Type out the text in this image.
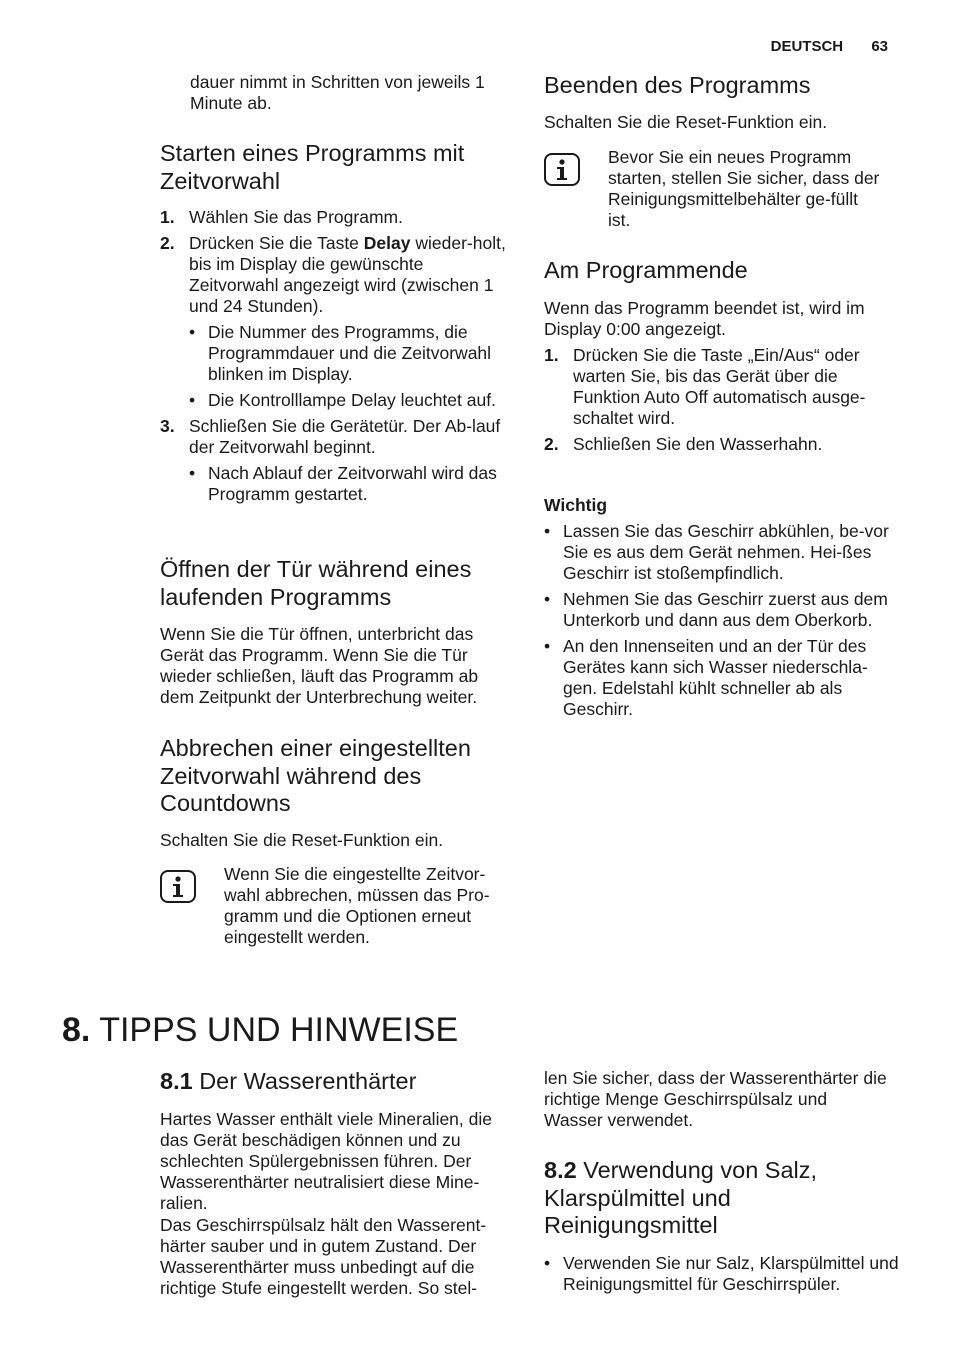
DEUTSCH 63
dauer nimmt in Schritten von jeweils 1 Minute ab.
Starten eines Programms mit Zeitvorwahl
1. Wählen Sie das Programm.
2. Drücken Sie die Taste Delay wieder-holt, bis im Display die gewünschte Zeitvorwahl angezeigt wird (zwischen 1 und 24 Stunden).
• Die Nummer des Programms, die Programmdauer und die Zeitvorwahl blinken im Display.
• Die Kontrolllampe Delay leuchtet auf.
3. Schließen Sie die Gerätetür. Der Ab-lauf der Zeitvorwahl beginnt.
• Nach Ablauf der Zeitvorwahl wird das Programm gestartet.
Öffnen der Tür während eines laufenden Programms
Wenn Sie die Tür öffnen, unterbricht das Gerät das Programm. Wenn Sie die Tür wieder schließen, läuft das Programm ab dem Zeitpunkt der Unterbrechung weiter.
Abbrechen einer eingestellten Zeitvorwahl während des Countdowns
Schalten Sie die Reset-Funktion ein.
Wenn Sie die eingestellte Zeitvor-wahl abbrechen, müssen das Pro-gramm und die Optionen erneut eingestellt werden.
Beenden des Programms
Schalten Sie die Reset-Funktion ein.
Bevor Sie ein neues Programm starten, stellen Sie sicher, dass der Reinigungsmittelbehälter ge-füllt ist.
Am Programmende
Wenn das Programm beendet ist, wird im Display 0:00 angezeigt.
1. Drücken Sie die Taste „Ein/Aus“ oder warten Sie, bis das Gerät über die Funktion Auto Off automatisch ausge-schaltet wird.
2. Schließen Sie den Wasserhahn.
Wichtig
• Lassen Sie das Geschirr abkühlen, be-vor Sie es aus dem Gerät nehmen. Hei-ßes Geschirr ist stoßempfindlich.
• Nehmen Sie das Geschirr zuerst aus dem Unterkorb und dann aus dem Oberkorb.
• An den Innenseiten und an der Tür des Gerätes kann sich Wasser niederschla-gen. Edelstahl kühlt schneller ab als Geschirr.
8. TIPPS UND HINWEISE
8.1 Der Wasserenthärter
Hartes Wasser enthält viele Mineralien, die das Gerät beschädigen können und zu schlechten Spülergebnissen führen. Der Wasserenthärter neutralisiert diese Mine-ralien.
Das Geschirrspülsalz hält den Wasserent-härter sauber und in gutem Zustand. Der Wasserenthärter muss unbedingt auf die richtige Stufe eingestellt werden. So stel-
len Sie sicher, dass der Wasserenthärter die richtige Menge Geschirrspülsalz und Wasser verwendet.
8.2 Verwendung von Salz, Klarspülmittel und Reinigungsmittel
• Verwenden Sie nur Salz, Klarspülmittel und Reinigungsmittel für Geschirrspüler.
